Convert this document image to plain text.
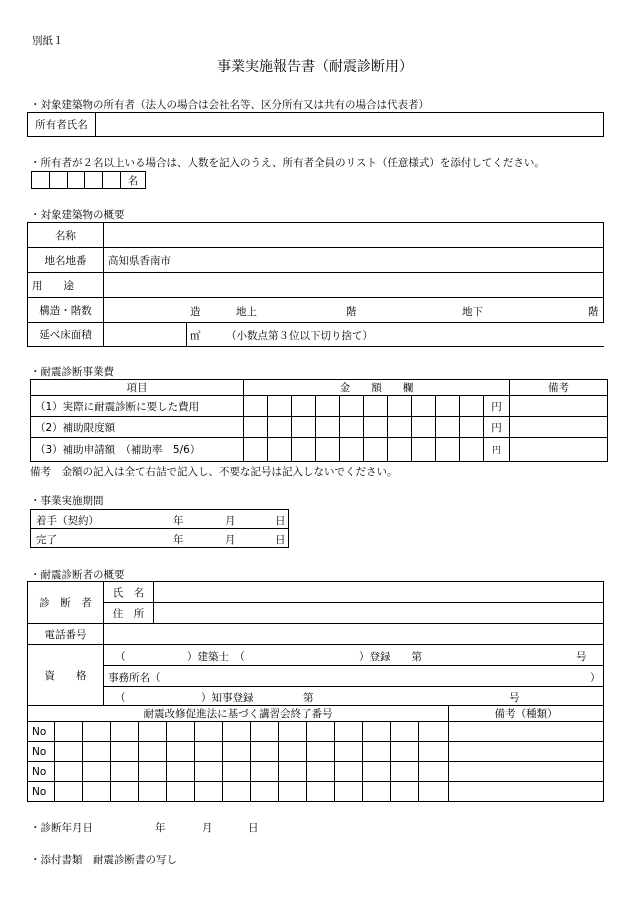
別紙１
事業実施報告書（耐震診断用）
・対象建築物の所有者（法人の場合は会社名等、区分所有又は共有の場合は代表者）
所有者氏名	
・所有者が２名以上いる場合は、人数を記入のうえ、所有者全員のリスト（任意様式）を添付してください。
					名
・対象建築物の概要
名称	
地名地番	高知県香南市
用　　途	
構造・階数	造 地上 階 地下 階

延べ床面積	㎡ （小数点第３位以下切り捨て）
・耐震診断事業費
項目	金　　額　　欄											備考
（1）実際に耐震診断に要した費用											円	
（2）補助限度額											円	
（3）補助申請額　（補助率　5/6）											円	
備考　金額の記入は全て右詰で記入し、不要な記号は記入しないでください。
・事業実施期間
着手（契約）	年	月	日

完了	年	月	日
・耐震診断者の概要
診　断　者	氏　名	
	住　所	
電話番号		
資　　格	（ ）建築士　（ ）登録　　第 号	

	事務所名（ ）	

	（ ）知事登録 第 号	
耐震改修促進法に基づく講習会終了番号															備考（種類）
No															
No															
No															
No															
・診断年月日	年	月	日
・添付書類　耐震診断書の写し
